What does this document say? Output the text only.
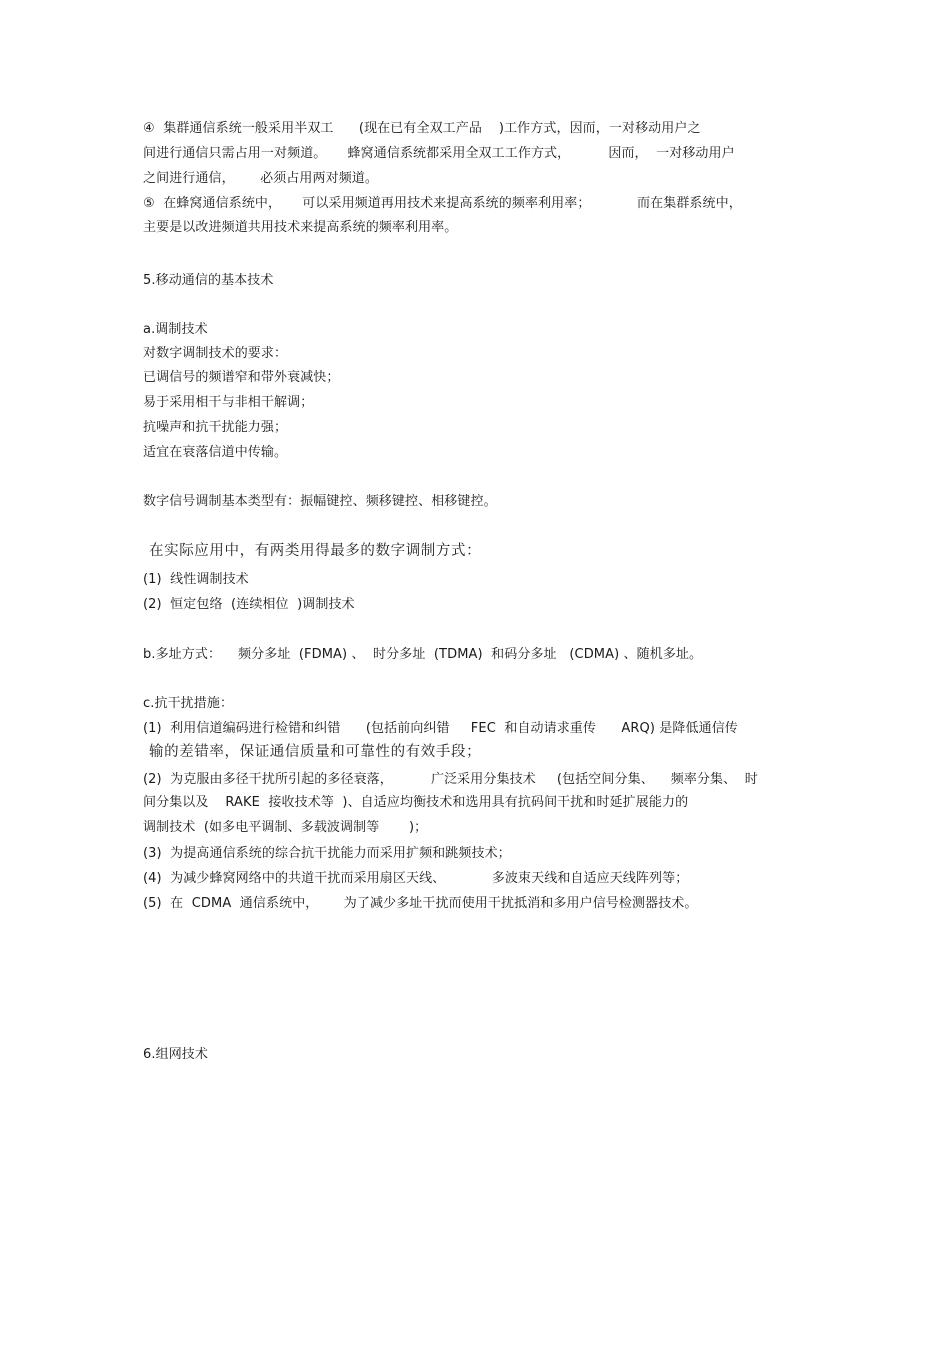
④  集群通信系统一般采用半双工      (现在已有全双工产品    )工作方式，因而，一对移动用户之
间进行通信只需占用一对频道。     蜂窝通信系统都采用全双工工作方式，         因而，  一对移动用户
之间进行通信，      必须占用两对频道。
⑤  在蜂窝通信系统中，     可以采用频道再用技术来提高系统的频率利用率；           而在集群系统中，
主要是以改进频道共用技术来提高系统的频率利用率。
5.移动通信的基本技术
a.调制技术
对数字调制技术的要求：
已调信号的频谱窄和带外衰减快；
易于采用相干与非相干解调；
抗噪声和抗干扰能力强；
适宜在衰落信道中传输。
数字信号调制基本类型有：振幅键控、频移键控、相移键控。
在实际应用中，有两类用得最多的数字调制方式：
(1)  线性调制技术
(2)  恒定包络  (连续相位  )调制技术
b.多址方式：    频分多址  (FDMA) 、  时分多址  (TDMA)  和码分多址   (CDMA) 、随机多址。
c.抗干扰措施：
(1)  利用信道编码进行检错和纠错      (包括前向纠错     FEC  和自动请求重传      ARQ) 是降低通信传
输的差错率，保证通信质量和可靠性的有效手段；
(2)  为克服由多径干扰所引起的多径衰落，         广泛采用分集技术     (包括空间分集、    频率分集、  时
间分集以及    RAKE  接收技术等  )、自适应均衡技术和选用具有抗码间干扰和时延扩展能力的
调制技术  (如多电平调制、多载波调制等       )；
(3)  为提高通信系统的综合抗干扰能力而采用扩频和跳频技术；
(4)  为减少蜂窝网络中的共道干扰而采用扇区天线、           多波束天线和自适应天线阵列等；
(5)  在  CDMA  通信系统中，      为了减少多址干扰而使用干扰抵消和多用户信号检测器技术。
6.组网技术
